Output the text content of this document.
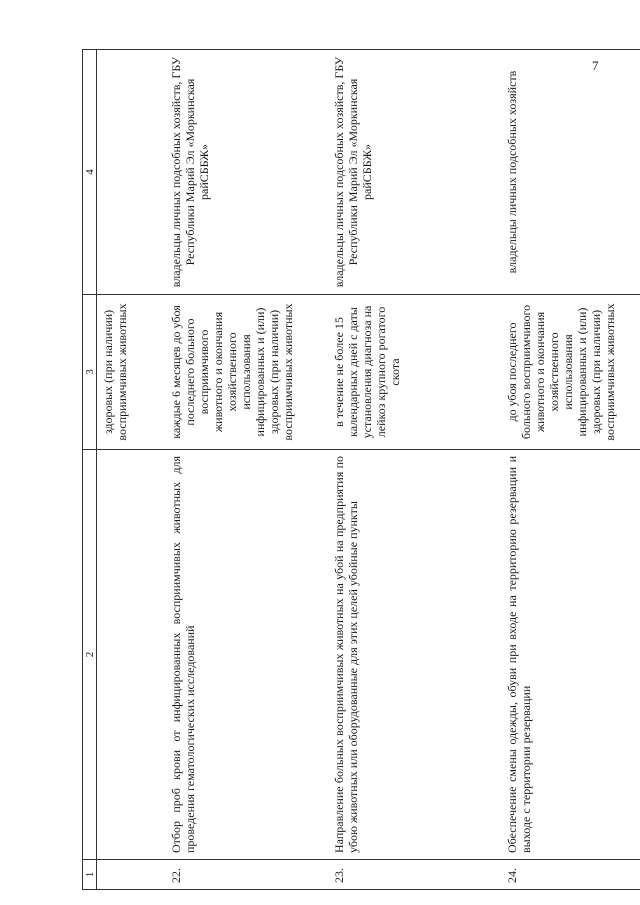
7
1	2	3	4
		здоровых (при наличии) восприимчивых животных	
22.	Отбор проб крови от инфицированных восприимчивых животных для проведения гематологических исследований	каждые 6 месяцев до убоя последнего больного восприимчивого животного и окончания хозяйственного использования инфицированных и (или) здоровых (при наличии) восприимчивых животных	владельцы личных подсобных хозяйств, ГБУ Республики Марий Эл «Моркинская райСББЖ»
23.	Направление больных восприимчивых животных на убой на предприятия по убою животных или оборудованные для этих целей убойные пункты	в течение не более 15 календарных дней с даты установления диагноза на лейкоз крупного рогатого скота	владельцы личных подсобных хозяйств, ГБУ Республики Марий Эл «Моркинская райСББЖ»
24.	Обеспечение смены одежды, обуви при входе на территорию резервации и выходе с территории резервации	до убоя последнего больного восприимчивого животного и окончания хозяйственного использования инфицированных и (или) здоровых (при наличии) восприимчивых животных	владельцы личных подсобных хозяйств
